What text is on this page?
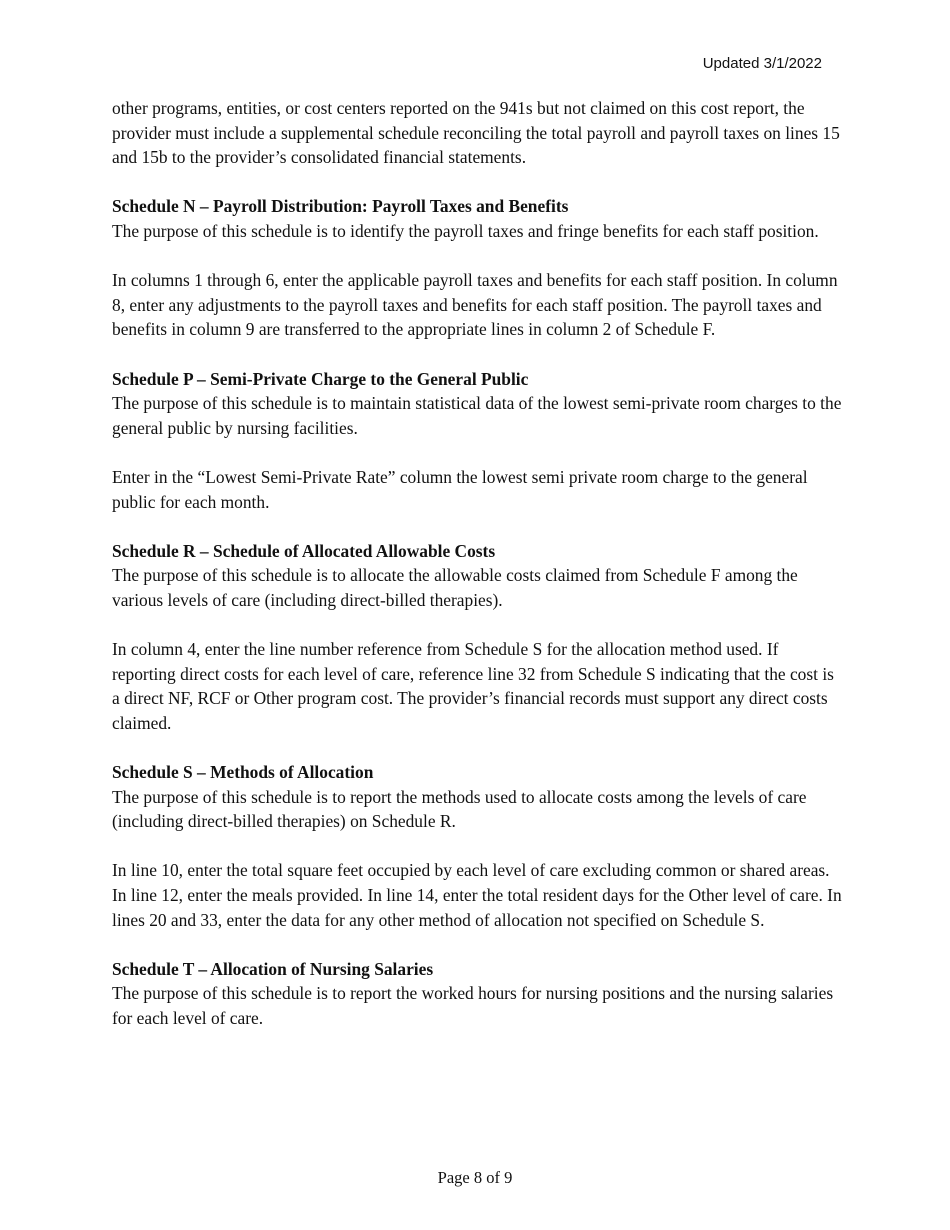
Updated 3/1/2022

other programs, entities, or cost centers reported on the 941s but not claimed on this cost report, the provider must include a supplemental schedule reconciling the total payroll and payroll taxes on lines 15 and 15b to the provider’s consolidated financial statements.

Schedule N – Payroll Distribution: Payroll Taxes and Benefits

The purpose of this schedule is to identify the payroll taxes and fringe benefits for each staff position.

In columns 1 through 6, enter the applicable payroll taxes and benefits for each staff position. In column 8, enter any adjustments to the payroll taxes and benefits for each staff position. The payroll taxes and benefits in column 9 are transferred to the appropriate lines in column 2 of Schedule F.

Schedule P – Semi-Private Charge to the General Public

The purpose of this schedule is to maintain statistical data of the lowest semi-private room charges to the general public by nursing facilities.

Enter in the “Lowest Semi-Private Rate” column the lowest semi private room charge to the general public for each month.

Schedule R – Schedule of Allocated Allowable Costs

The purpose of this schedule is to allocate the allowable costs claimed from Schedule F among the various levels of care (including direct-billed therapies).

In column 4, enter the line number reference from Schedule S for the allocation method used. If reporting direct costs for each level of care, reference line 32 from Schedule S indicating that the cost is a direct NF, RCF or Other program cost. The provider’s financial records must support any direct costs claimed.

Schedule S – Methods of Allocation

The purpose of this schedule is to report the methods used to allocate costs among the levels of care (including direct-billed therapies) on Schedule R.

In line 10, enter the total square feet occupied by each level of care excluding common or shared areas. In line 12, enter the meals provided. In line 14, enter the total resident days for the Other level of care. In lines 20 and 33, enter the data for any other method of allocation not specified on Schedule S.

Schedule T – Allocation of Nursing Salaries

The purpose of this schedule is to report the worked hours for nursing positions and the nursing salaries for each level of care.

Page 8 of 9
